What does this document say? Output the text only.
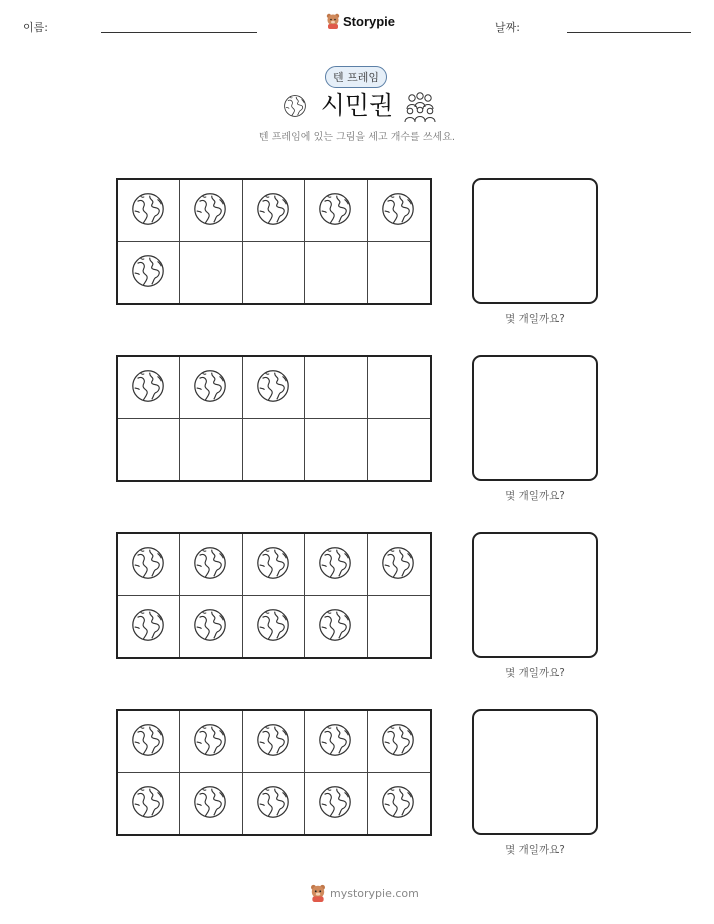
이름:	Storypie	날짜:
텐 프레임
시민권
텐 프레임에 있는 그림을 세고 개수를 쓰세요.
몇 개일까요?
몇 개일까요?
몇 개일까요?
몇 개일까요?
mystorypie.com
